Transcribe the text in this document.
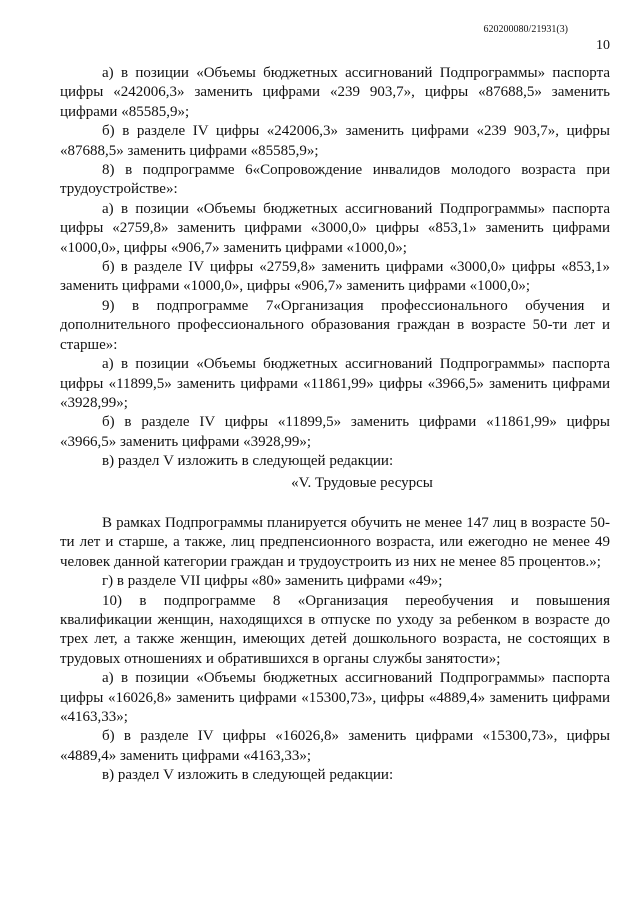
620200080/21931(3)
10

а) в позиции «Объемы бюджетных ассигнований Подпрограммы» паспорта цифры «242006,3» заменить цифрами «239 903,7», цифры «87688,5» заменить цифрами «85585,9»;

б) в разделе IV цифры «242006,3» заменить цифрами «239 903,7», цифры «87688,5» заменить цифрами «85585,9»;

8) в подпрограмме 6«Сопровождение инвалидов молодого возраста при трудоустройстве»:

а) в позиции «Объемы бюджетных ассигнований Подпрограммы» паспорта цифры «2759,8» заменить цифрами «3000,0» цифры «853,1» заменить цифрами «1000,0», цифры «906,7» заменить цифрами «1000,0»;

б) в разделе IV цифры «2759,8» заменить цифрами «3000,0» цифры «853,1» заменить цифрами «1000,0», цифры «906,7» заменить цифрами «1000,0»;

9) в подпрограмме 7«Организация профессионального обучения и дополнительного профессионального образования граждан в возрасте 50-ти лет и старше»:

а) в позиции «Объемы бюджетных ассигнований Подпрограммы» паспорта цифры «11899,5» заменить цифрами «11861,99» цифры «3966,5» заменить цифрами «3928,99»;

б) в разделе IV цифры «11899,5» заменить цифрами «11861,99» цифры «3966,5» заменить цифрами «3928,99»;

в) раздел V изложить в следующей редакции:

«V. Трудовые ресурсы

В рамках Подпрограммы планируется обучить не менее 147 лиц в возрасте 50-ти лет и старше, а также, лиц предпенсионного возраста, или ежегодно не менее 49 человек данной категории граждан и трудоустроить из них не менее 85 процентов.»;

г) в разделе VII цифры «80» заменить цифрами «49»;

10) в подпрограмме 8 «Организация переобучения и повышения квалификации женщин, находящихся в отпуске по уходу за ребенком в возрасте до трех лет, а также женщин, имеющих детей дошкольного возраста, не состоящих в трудовых отношениях и обратившихся в органы службы занятости»;

а) в позиции «Объемы бюджетных ассигнований Подпрограммы» паспорта цифры «16026,8» заменить цифрами «15300,73», цифры «4889,4» заменить цифрами «4163,33»;

б) в разделе IV цифры «16026,8» заменить цифрами «15300,73», цифры «4889,4» заменить цифрами «4163,33»;

в) раздел V изложить в следующей редакции:
